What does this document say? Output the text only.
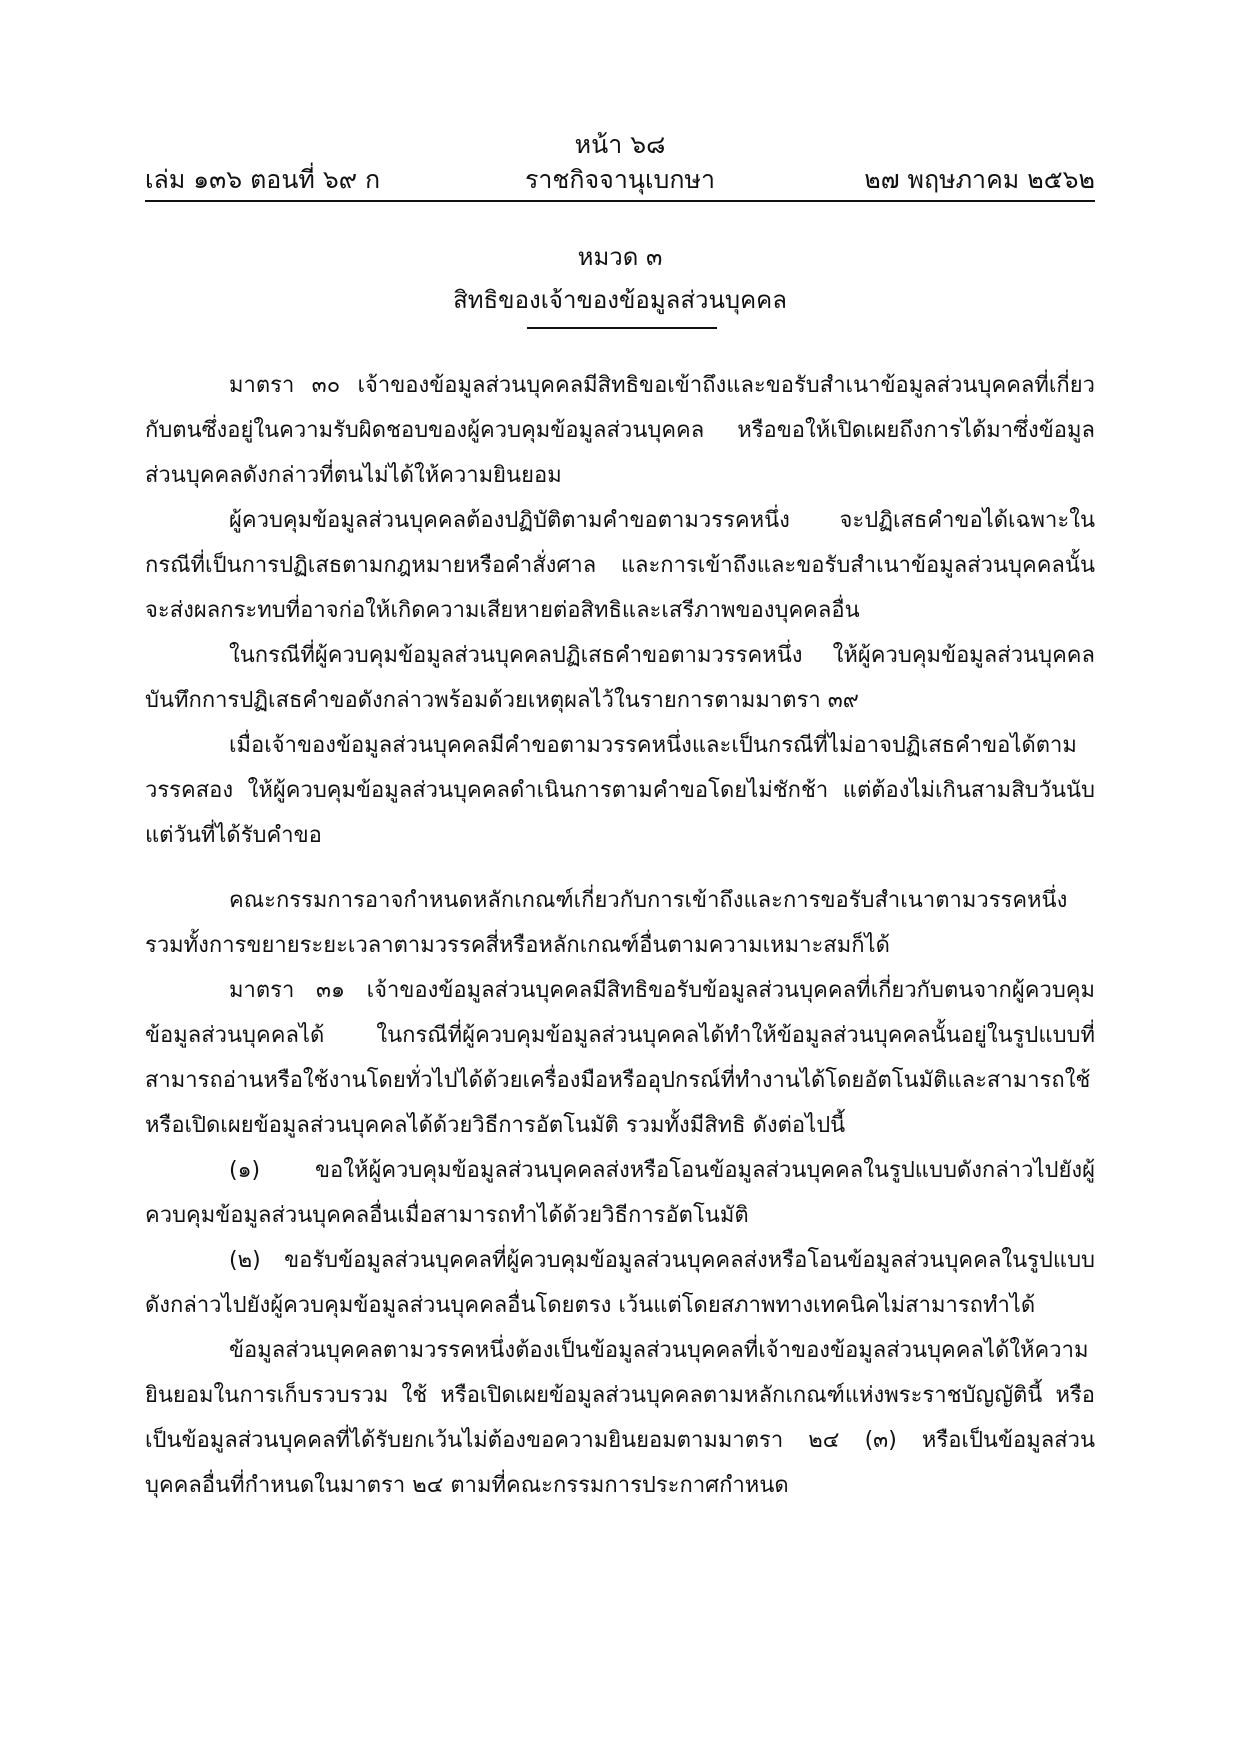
หน้า ๖๘
ราชกิจจานุเบกษา
เล่ม ๑๓๖ ตอนที่ ๖๙ ก	๒๗ พฤษภาคม ๒๕๖๒
หมวด ๓
สิทธิของเจ้าของข้อมูลส่วนบุคคล

มาตรา ๓๐ เจ้าของข้อมูลส่วนบุคคลมีสิทธิขอเข้าถึงและขอรับสำเนาข้อมูลส่วนบุคคลที่เกี่ยวกับตนซึ่งอยู่ในความรับผิดชอบของผู้ควบคุมข้อมูลส่วนบุคคล หรือขอให้เปิดเผยถึงการได้มาซึ่งข้อมูลส่วนบุคคลดังกล่าวที่ตนไม่ได้ให้ความยินยอม

ผู้ควบคุมข้อมูลส่วนบุคคลต้องปฏิบัติตามคำขอตามวรรคหนึ่ง จะปฏิเสธคำขอได้เฉพาะในกรณีที่เป็นการปฏิเสธตามกฎหมายหรือคำสั่งศาล และการเข้าถึงและขอรับสำเนาข้อมูลส่วนบุคคลนั้นจะส่งผลกระทบที่อาจก่อให้เกิดความเสียหายต่อสิทธิและเสรีภาพของบุคคลอื่น

ในกรณีที่ผู้ควบคุมข้อมูลส่วนบุคคลปฏิเสธคำขอตามวรรคหนึ่ง ให้ผู้ควบคุมข้อมูลส่วนบุคคลบันทึกการปฏิเสธคำขอดังกล่าวพร้อมด้วยเหตุผลไว้ในรายการตามมาตรา ๓๙

เมื่อเจ้าของข้อมูลส่วนบุคคลมีคำขอตามวรรคหนึ่งและเป็นกรณีที่ไม่อาจปฏิเสธคำขอได้ตามวรรคสอง ให้ผู้ควบคุมข้อมูลส่วนบุคคลดำเนินการตามคำขอโดยไม่ชักช้า แต่ต้องไม่เกินสามสิบวันนับแต่วันที่ได้รับคำขอ

คณะกรรมการอาจกำหนดหลักเกณฑ์เกี่ยวกับการเข้าถึงและการขอรับสำเนาตามวรรคหนึ่ง รวมทั้งการขยายระยะเวลาตามวรรคสี่หรือหลักเกณฑ์อื่นตามความเหมาะสมก็ได้

มาตรา ๓๑ เจ้าของข้อมูลส่วนบุคคลมีสิทธิขอรับข้อมูลส่วนบุคคลที่เกี่ยวกับตนจากผู้ควบคุมข้อมูลส่วนบุคคลได้ ในกรณีที่ผู้ควบคุมข้อมูลส่วนบุคคลได้ทำให้ข้อมูลส่วนบุคคลนั้นอยู่ในรูปแบบที่สามารถอ่านหรือใช้งานโดยทั่วไปได้ด้วยเครื่องมือหรืออุปกรณ์ที่ทำงานได้โดยอัตโนมัติและสามารถใช้หรือเปิดเผยข้อมูลส่วนบุคคลได้ด้วยวิธีการอัตโนมัติ รวมทั้งมีสิทธิ ดังต่อไปนี้

(๑) ขอให้ผู้ควบคุมข้อมูลส่วนบุคคลส่งหรือโอนข้อมูลส่วนบุคคลในรูปแบบดังกล่าวไปยังผู้ควบคุมข้อมูลส่วนบุคคลอื่นเมื่อสามารถทำได้ด้วยวิธีการอัตโนมัติ

(๒) ขอรับข้อมูลส่วนบุคคลที่ผู้ควบคุมข้อมูลส่วนบุคคลส่งหรือโอนข้อมูลส่วนบุคคลในรูปแบบดังกล่าวไปยังผู้ควบคุมข้อมูลส่วนบุคคลอื่นโดยตรง เว้นแต่โดยสภาพทางเทคนิคไม่สามารถทำได้

ข้อมูลส่วนบุคคลตามวรรคหนึ่งต้องเป็นข้อมูลส่วนบุคคลที่เจ้าของข้อมูลส่วนบุคคลได้ให้ความยินยอมในการเก็บรวบรวม ใช้ หรือเปิดเผยข้อมูลส่วนบุคคลตามหลักเกณฑ์แห่งพระราชบัญญัตินี้ หรือเป็นข้อมูลส่วนบุคคลที่ได้รับยกเว้นไม่ต้องขอความยินยอมตามมาตรา ๒๔ (๓) หรือเป็นข้อมูลส่วนบุคคลอื่นที่กำหนดในมาตรา ๒๔ ตามที่คณะกรรมการประกาศกำหนด
